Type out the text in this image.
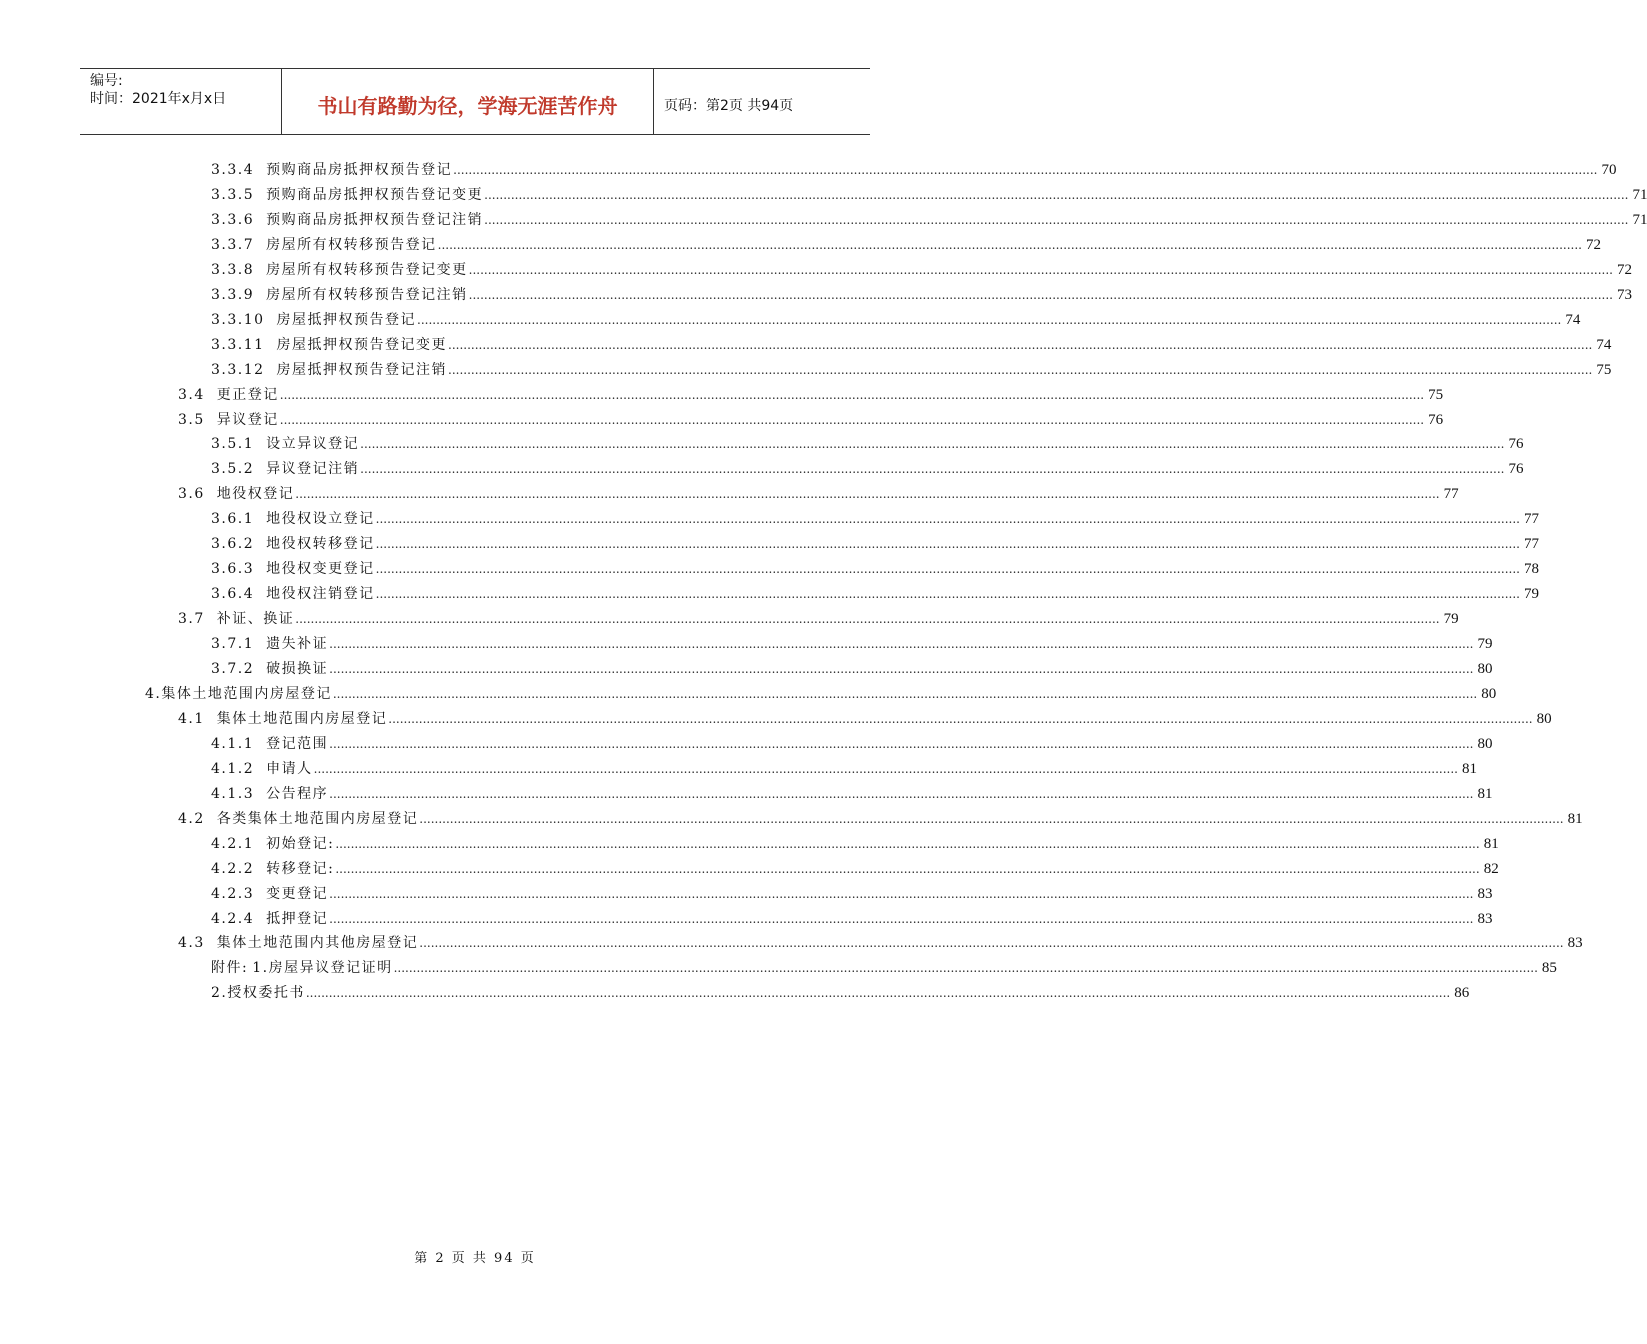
编号:
时间：2021年x月x日	书山有路勤为径，学海无涯苦作舟	页码：第2页 共94页
3.3.4 预购商品房抵押权预告登记 ............................................................................................................................................................................................................................................................................................................ 70
3.3.5 预购商品房抵押权预告登记变更 ............................................................................................................................................................................................................................................................................................................ 71
3.3.6 预购商品房抵押权预告登记注销 ............................................................................................................................................................................................................................................................................................................ 71
3.3.7 房屋所有权转移预告登记 ............................................................................................................................................................................................................................................................................................................ 72
3.3.8 房屋所有权转移预告登记变更 ............................................................................................................................................................................................................................................................................................................ 72
3.3.9 房屋所有权转移预告登记注销 ............................................................................................................................................................................................................................................................................................................ 73
3.3.10 房屋抵押权预告登记 ............................................................................................................................................................................................................................................................................................................ 74
3.3.11 房屋抵押权预告登记变更 ............................................................................................................................................................................................................................................................................................................ 74
3.3.12 房屋抵押权预告登记注销 ............................................................................................................................................................................................................................................................................................................ 75
3.4 更正登记 ............................................................................................................................................................................................................................................................................................................ 75
3.5 异议登记 ............................................................................................................................................................................................................................................................................................................ 76
3.5.1 设立异议登记 ............................................................................................................................................................................................................................................................................................................ 76
3.5.2 异议登记注销 ............................................................................................................................................................................................................................................................................................................ 76
3.6 地役权登记 ............................................................................................................................................................................................................................................................................................................ 77
3.6.1 地役权设立登记 ............................................................................................................................................................................................................................................................................................................ 77
3.6.2 地役权转移登记 ............................................................................................................................................................................................................................................................................................................ 77
3.6.3 地役权变更登记 ............................................................................................................................................................................................................................................................................................................ 78
3.6.4 地役权注销登记 ............................................................................................................................................................................................................................................................................................................ 79
3.7 补证、换证 ............................................................................................................................................................................................................................................................................................................ 79
3.7.1 遗失补证 ............................................................................................................................................................................................................................................................................................................ 79
3.7.2 破损换证 ............................................................................................................................................................................................................................................................................................................ 80
4. 集体土地范围内房屋登记 ............................................................................................................................................................................................................................................................................................................ 80
4.1 集体土地范围内房屋登记 ............................................................................................................................................................................................................................................................................................................ 80
4.1.1 登记范围 ............................................................................................................................................................................................................................................................................................................ 80
4.1.2 申请人 ............................................................................................................................................................................................................................................................................................................ 81
4.1.3 公告程序 ............................................................................................................................................................................................................................................................................................................ 81
4.2 各类集体土地范围内房屋登记 ............................................................................................................................................................................................................................................................................................................ 81
4.2.1 初始登记: ............................................................................................................................................................................................................................................................................................................ 81
4.2.2 转移登记: ............................................................................................................................................................................................................................................................................................................ 82
4.2.3 变更登记 ............................................................................................................................................................................................................................................................................................................ 83
4.2.4 抵押登记 ............................................................................................................................................................................................................................................................................................................ 83
4.3 集体土地范围内其他房屋登记 ............................................................................................................................................................................................................................................................................................................ 83
附件: 1.房屋异议登记证明 ............................................................................................................................................................................................................................................................................................................ 85
2.授权委托书 ............................................................................................................................................................................................................................................................................................................ 86
第 2 页 共 94 页
